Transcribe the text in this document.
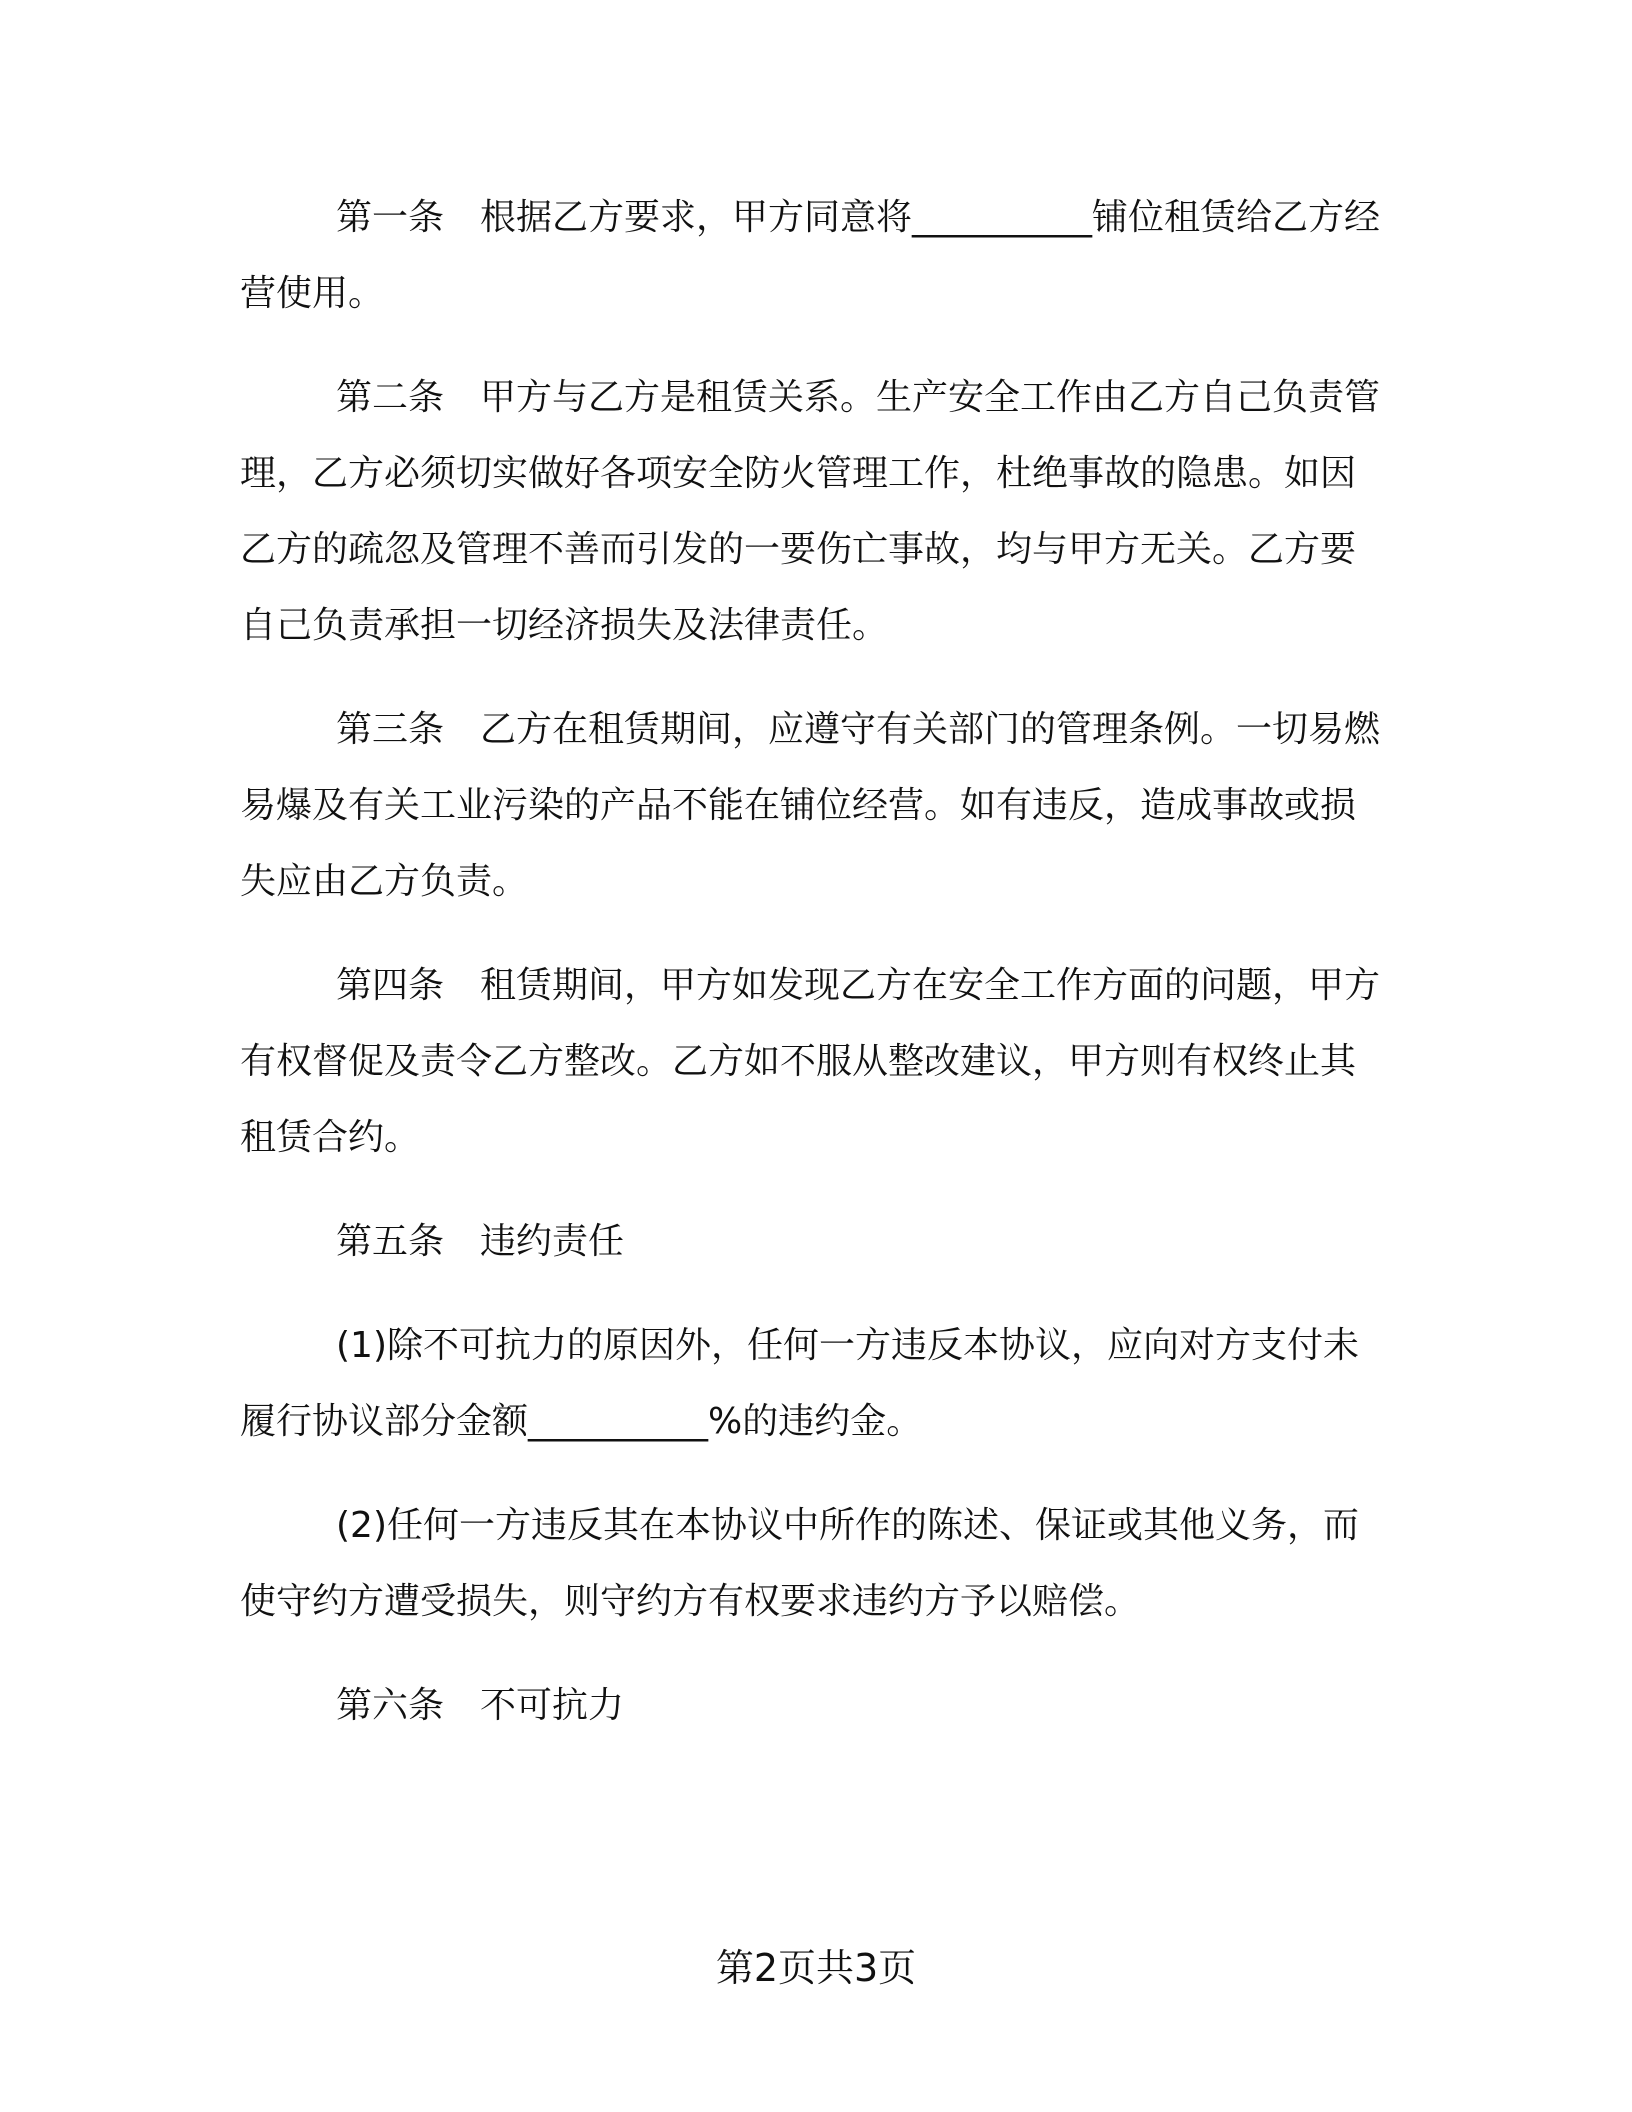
第一条　根据乙方要求，甲方同意将__________铺位租赁给乙方经营使用。

第二条　甲方与乙方是租赁关系。生产安全工作由乙方自己负责管理，乙方必须切实做好各项安全防火管理工作，杜绝事故的隐患。如因乙方的疏忽及管理不善而引发的一要伤亡事故，均与甲方无关。乙方要自己负责承担一切经济损失及法律责任。

第三条　乙方在租赁期间，应遵守有关部门的管理条例。一切易燃易爆及有关工业污染的产品不能在铺位经营。如有违反，造成事故或损失应由乙方负责。

第四条　租赁期间，甲方如发现乙方在安全工作方面的问题，甲方有权督促及责令乙方整改。乙方如不服从整改建议，甲方则有权终止其租赁合约。

第五条　违约责任

(1)除不可抗力的原因外，任何一方违反本协议，应向对方支付未履行协议部分金额__________%的违约金。

(2)任何一方违反其在本协议中所作的陈述、保证或其他义务，而使守约方遭受损失，则守约方有权要求违约方予以赔偿。

第六条　不可抗力

第2页共3页
